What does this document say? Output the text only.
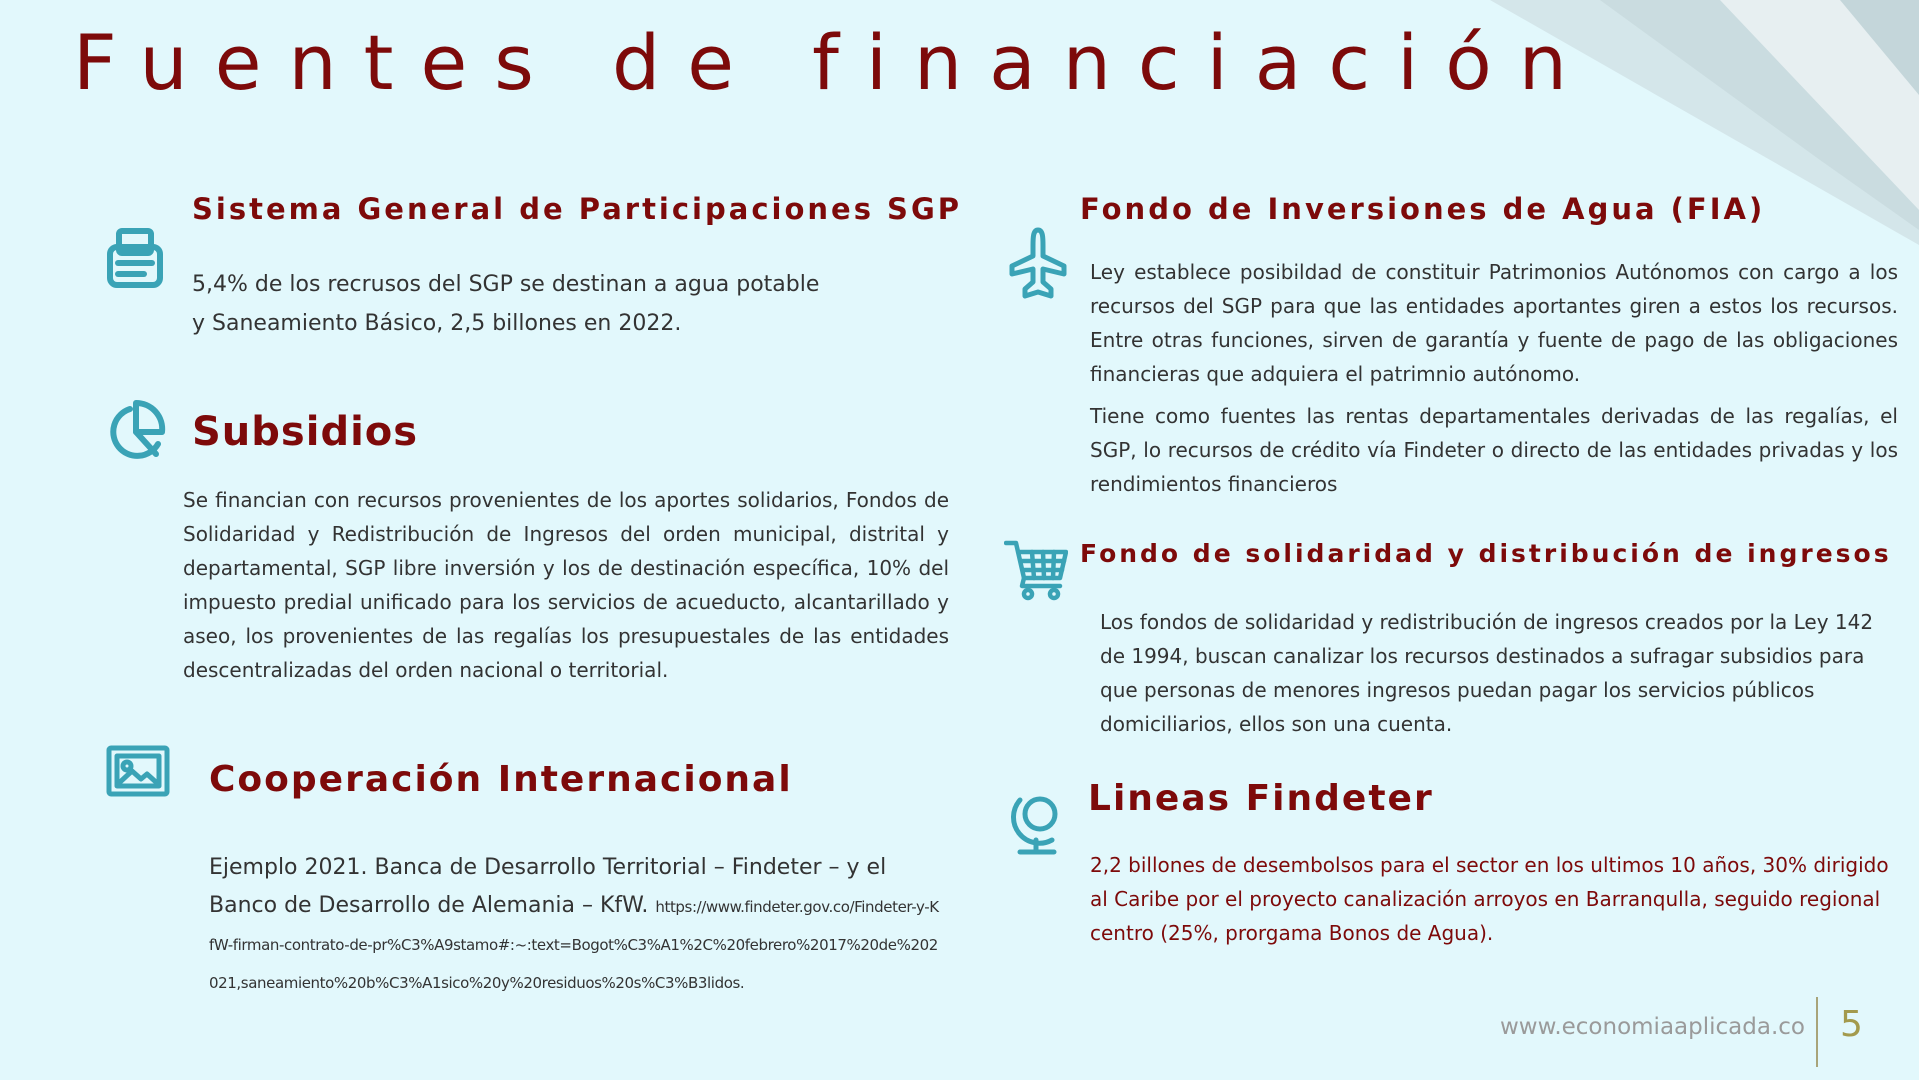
Fuentes de financiación
Sistema General de Participaciones SGP

5,4% de los recrusos del SGP se destinan a agua potable y Saneamiento Básico, 2,5 billones en 2022.

Subsidios

Se financian con recursos provenientes de los aportes solidarios, Fondos de Solidaridad y Redistribución de Ingresos del orden municipal, distrital y departamental, SGP libre inversión y los de destinación específica, 10% del impuesto predial unificado para los servicios de acueducto, alcantarillado y aseo, los provenientes de las regalías los presupuestales de las entidades descentralizadas del orden nacional o territorial.

Cooperación Internacional

Ejemplo 2021. Banca de Desarrollo Territorial – Findeter – y el Banco de Desarrollo de Alemania – KfW. https://www.findeter.gov.co/Findeter-y-KfW-firman-contrato-de-pr%C3%A9stamo#:~:text=Bogot%C3%A1%2C%20febrero%2017%20de%202021,saneamiento%20b%C3%A1sico%20y%20residuos%20s%C3%B3lidos.

Fondo de Inversiones de Agua (FIA)

Ley establece posibildad de constituir Patrimonios Autónomos con cargo a los recursos del SGP para que las entidades aportantes giren a estos los recursos. Entre otras funciones, sirven de garantía y fuente de pago de las obligaciones financieras que adquiera el patrimnio autónomo.

Tiene como fuentes las rentas departamentales derivadas de las regalías, el SGP, lo recursos de crédito vía Findeter o directo de las entidades privadas y los rendimientos financieros

Fondo de solidaridad y distribución de ingresos

Los fondos de solidaridad y redistribución de ingresos creados por la Ley 142 de 1994, buscan canalizar los recursos destinados a sufragar subsidios para que personas de menores ingresos puedan pagar los servicios públicos domiciliarios, ellos son una cuenta.

Lineas Findeter

2,2 billones de desembolsos para el sector en los ultimos 10 años, 30% dirigido al Caribe por el proyecto canalización arroyos en Barranqulla, seguido regional centro (25%, prorgama Bonos de Agua).

www.economiaaplicada.co 5
